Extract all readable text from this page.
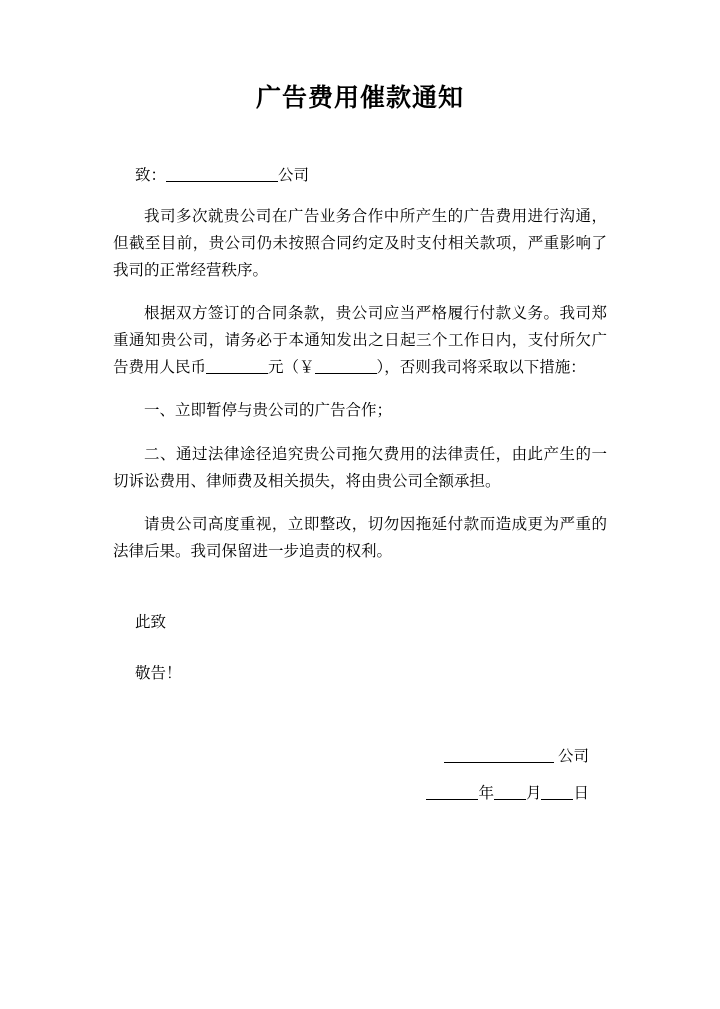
广告费用催款通知
致：	公司

我司多次就贵公司在广告业务合作中所产生的广告费用进行沟通，但截至目前，贵公司仍未按照合同约定及时支付相关款项，严重影响了我司的正常经营秩序。

根据双方签订的合同条款，贵公司应当严格履行付款义务。我司郑重通知贵公司，请务必于本通知发出之日起三个工作日内，支付所欠广告费用人民币	元（￥	），否则我司将采取以下措施：

一、立即暂停与贵公司的广告合作；

二、通过法律途径追究贵公司拖欠费用的法律责任，由此产生的一切诉讼费用、律师费及相关损失，将由贵公司全额承担。

请贵公司高度重视，立即整改，切勿因拖延付款而造成更为严重的法律后果。我司保留进一步追责的权利。

此致
敬告！
公司
年 月 日
